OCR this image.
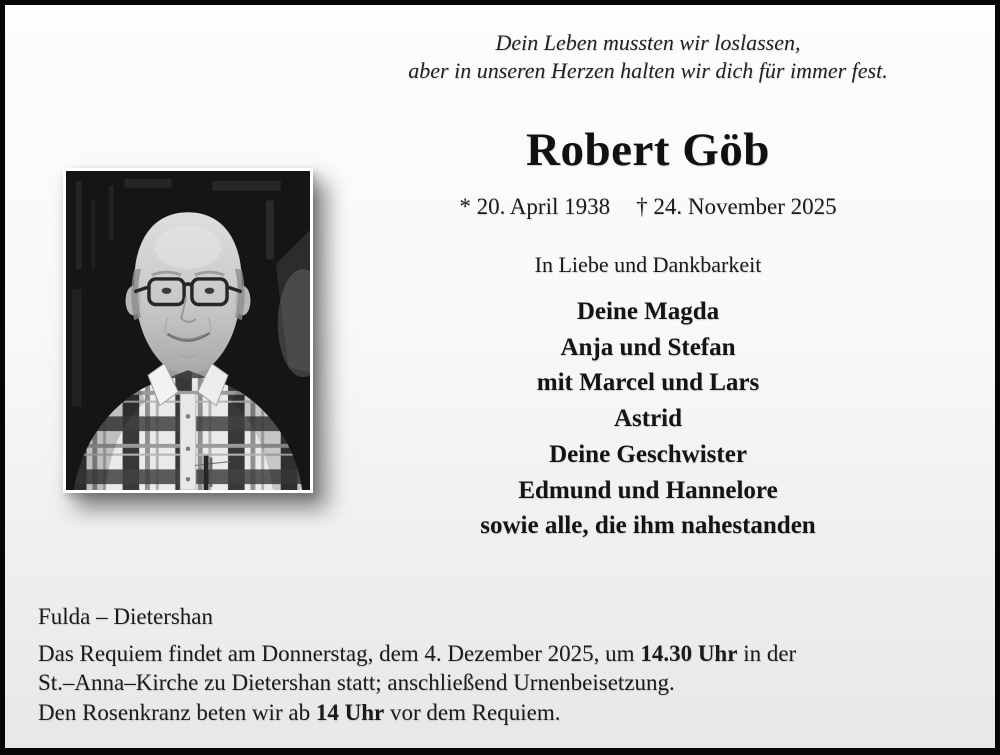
Dein Leben mussten wir loslassen,
aber in unseren Herzen halten wir dich für immer fest.
Robert Göb
* 20. April 1938 † 24. November 2025
In Liebe und Dankbarkeit
Deine Magda
Anja und Stefan
mit Marcel und Lars
Astrid
Deine Geschwister
Edmund und Hannelore
sowie alle, die ihm nahestanden
Fulda – Dietershan
Das Requiem findet am Donnerstag, dem 4. Dezember 2025, um 14.30 Uhr in der
St.–Anna–Kirche zu Dietershan statt; anschließend Urnenbeisetzung.
Den Rosenkranz beten wir ab 14 Uhr vor dem Requiem.
